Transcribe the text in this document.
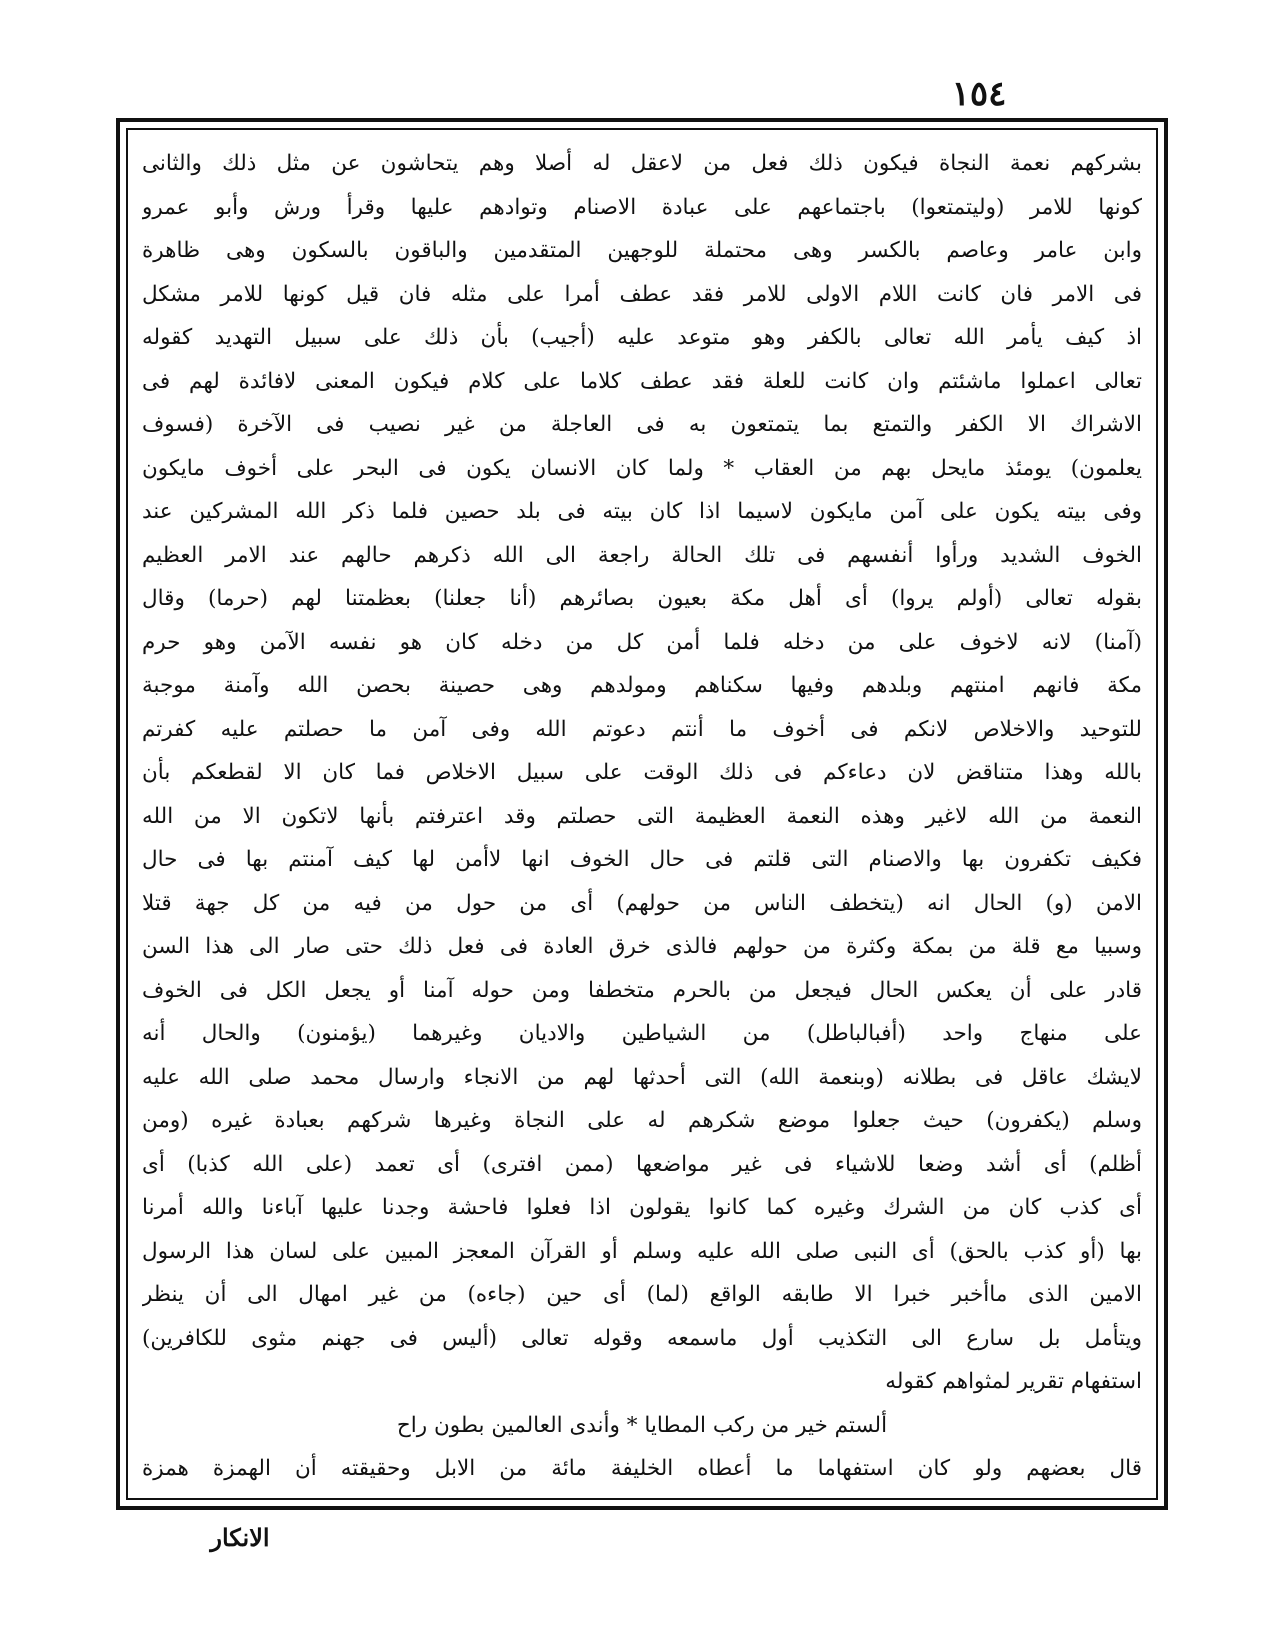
١٥٤
بشركهم نعمة النجاة فيكون ذلك فعل من لاعقل له أصلا وهم يتحاشون عن مثل ذلك والثانى
كونها للامر (وليتمتعوا) باجتماعهم على عبادة الاصنام وتوادهم عليها وقرأ ورش وأبو عمرو
وابن عامر وعاصم بالكسر وهى محتملة للوجهين المتقدمين والباقون بالسكون وهى ظاهرة
فى الامر فان كانت اللام الاولى للامر فقد عطف أمرا على مثله فان قيل كونها للامر مشكل
اذ كيف يأمر الله تعالى بالكفر وهو متوعد عليه (أجيب) بأن ذلك على سبيل التهديد كقوله
تعالى اعملوا ماشئتم وان كانت للعلة فقد عطف كلاما على كلام فيكون المعنى لافائدة لهم فى
الاشراك الا الكفر والتمتع بما يتمتعون به فى العاجلة من غير نصيب فى الآخرة (فسوف
يعلمون) يومئذ مايحل بهم من العقاب * ولما كان الانسان يكون فى البحر على أخوف مايكون
وفى بيته يكون على آمن مايكون لاسيما اذا كان بيته فى بلد حصين فلما ذكر الله المشركين عند
الخوف الشديد ورأوا أنفسهم فى تلك الحالة راجعة الى الله ذكرهم حالهم عند الامر العظيم
بقوله تعالى (أولم يروا) أى أهل مكة بعيون بصائرهم (أنا جعلنا) بعظمتنا لهم (حرما) وقال
(آمنا) لانه لاخوف على من دخله فلما أمن كل من دخله كان هو نفسه الآمن وهو حرم
مكة فانهم امنتهم وبلدهم وفيها سكناهم ومولدهم وهى حصينة بحصن الله وآمنة موجبة
للتوحيد والاخلاص لانكم فى أخوف ما أنتم دعوتم الله وفى آمن ما حصلتم عليه كفرتم
بالله وهذا متناقض لان دعاءكم فى ذلك الوقت على سبيل الاخلاص فما كان الا لقطعكم بأن
النعمة من الله لاغير وهذه النعمة العظيمة التى حصلتم وقد اعترفتم بأنها لاتكون الا من الله
فكيف تكفرون بها والاصنام التى قلتم فى حال الخوف انها لاأمن لها كيف آمنتم بها فى حال
الامن (و) الحال انه (يتخطف الناس من حولهم) أى من حول من فيه من كل جهة قتلا
وسبيا مع قلة من بمكة وكثرة من حولهم فالذى خرق العادة فى فعل ذلك حتى صار الى هذا السن
قادر على أن يعكس الحال فيجعل من بالحرم متخطفا ومن حوله آمنا أو يجعل الكل فى الخوف
على منهاج واحد (أفبالباطل) من الشياطين والاديان وغيرهما (يؤمنون) والحال أنه
لايشك عاقل فى بطلانه (وبنعمة الله) التى أحدثها لهم من الانجاء وارسال محمد صلى الله عليه
وسلم (يكفرون) حيث جعلوا موضع شكرهم له على النجاة وغيرها شركهم بعبادة غيره (ومن
أظلم) أى أشد وضعا للاشياء فى غير مواضعها (ممن افترى) أى تعمد (على الله كذبا) أى
أى كذب كان من الشرك وغيره كما كانوا يقولون اذا فعلوا فاحشة وجدنا عليها آباءنا والله أمرنا
بها (أو كذب بالحق) أى النبى صلى الله عليه وسلم أو القرآن المعجز المبين على لسان هذا الرسول
الامين الذى ماأخبر خبرا الا طابقه الواقع (لما) أى حين (جاءه) من غير امهال الى أن ينظر
ويتأمل بل سارع الى التكذيب أول ماسمعه وقوله تعالى (أليس فى جهنم مثوى للكافرين)
استفهام تقرير لمثواهم كقوله
ألستم خير من ركب المطايا * وأندى العالمين بطون راح
قال بعضهم ولو كان استفهاما ما أعطاه الخليفة مائة من الابل وحقيقته أن الهمزة همزة
الانكار
